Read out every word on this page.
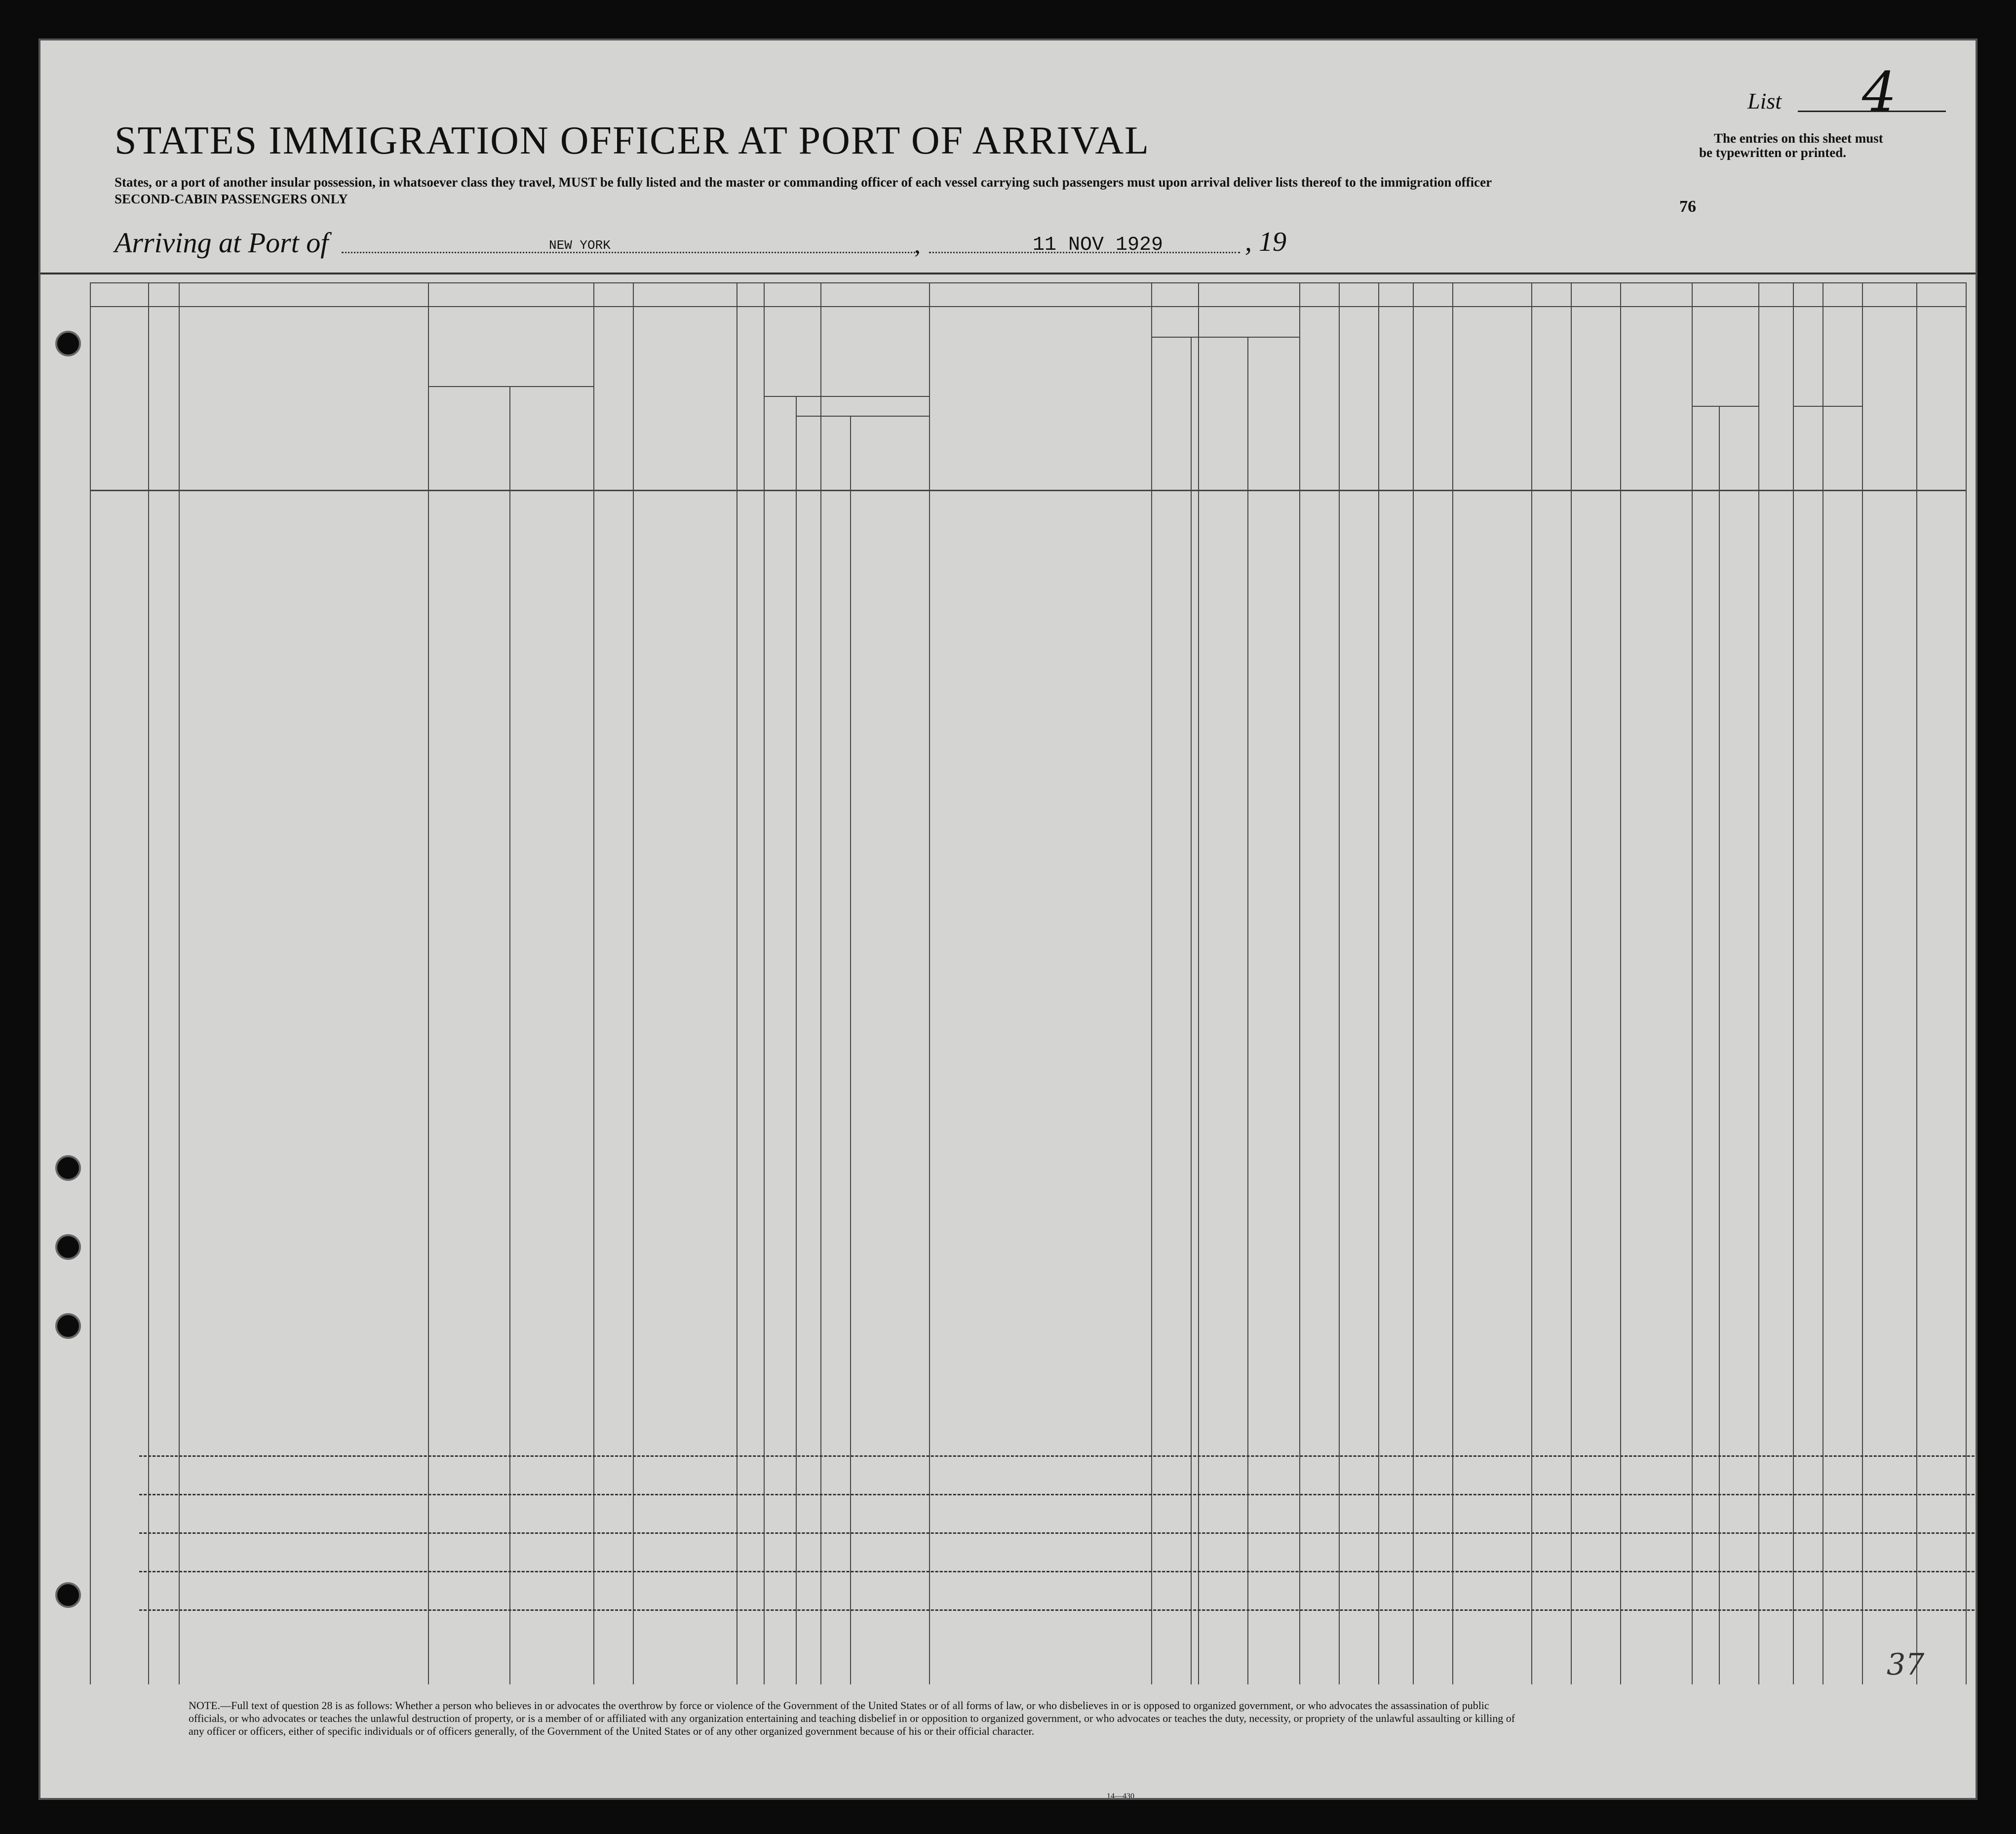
STATES IMMIGRATION OFFICER AT PORT OF ARRIVAL
States, or a port of another insular possession, in whatsoever class they travel, MUST be fully listed and the master or commanding officer of each vessel carrying such passengers must upon arrival deliver lists thereof to the immigration officer
SECOND-CABIN PASSENGERS ONLY
List 4
The entries on this sheet must
be typewritten or printed.
76
Arriving at Port of	NEW YORK	,	11 NOV 1929	, 19
NOTE.—Full text of question 28 is as follows: Whether a person who believes in or advocates the overthrow by force or violence of the Government of the United States or of all forms of law, or who disbelieves in or is opposed to organized government, or who advocates the assassination of public officials, or who advocates or teaches the unlawful destruction of property, or is a member of or affiliated with any organization entertaining and teaching disbelief in or opposition to organized government, or who advocates or teaches the duty, necessity, or propriety of the unlawful assaulting or killing of any officer or officers, either of specific individuals or of officers generally, of the Government of the United States or of any other organized government because of his or their official character.
14—430
37
